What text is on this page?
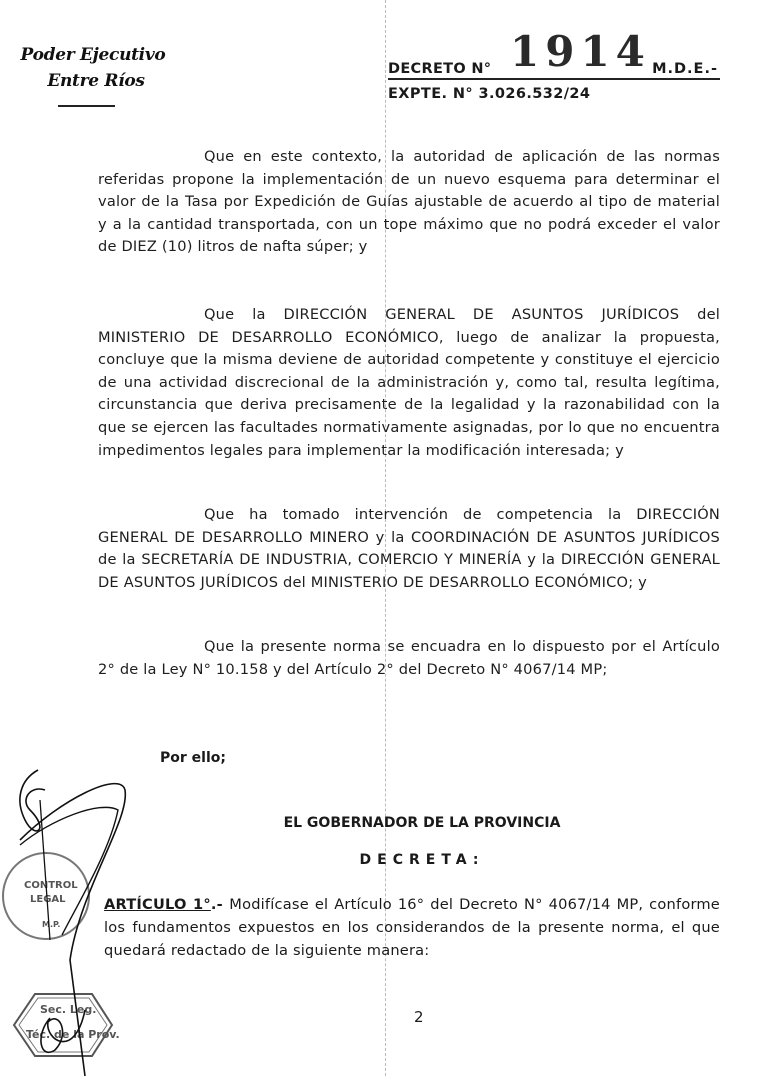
Poder Ejecutivo
Entre Ríos
DECRETO N° 1914 M.D.E.-
EXPTE. N° 3.026.532/24

Que en este contexto, la autoridad de aplicación de las normas referidas propone la implementación de un nuevo esquema para determinar el valor de la Tasa por Expedición de Guías ajustable de acuerdo al tipo de material y a la cantidad transportada, con un tope máximo que no podrá exceder el valor de DIEZ (10) litros de nafta súper; y

Que la DIRECCIÓN GENERAL DE ASUNTOS JURÍDICOS del MINISTERIO DE DESARROLLO ECONÓMICO, luego de analizar la propuesta, concluye que la misma deviene de autoridad competente y constituye el ejercicio de una actividad discrecional de la administración y, como tal, resulta legítima, circunstancia que deriva precisamente de la legalidad y la razonabilidad con la que se ejercen las facultades normativamente asignadas, por lo que no encuentra impedimentos legales para implementar la modificación interesada; y

Que ha tomado intervención de competencia la DIRECCIÓN GENERAL DE DESARROLLO MINERO y la COORDINACIÓN DE ASUNTOS JURÍDICOS de la SECRETARÍA DE INDUSTRIA, COMERCIO Y MINERÍA y la DIRECCIÓN GENERAL DE ASUNTOS JURÍDICOS del MINISTERIO DE DESARROLLO ECONÓMICO; y

Que la presente norma se encuadra en lo dispuesto por el Artículo 2° de la Ley N° 10.158 y del Artículo 2° del Decreto N° 4067/14 MP;

Por ello;
EL GOBERNADOR DE LA PROVINCIA
DECRETA:
ARTÍCULO 1°.- Modifícase el Artículo 16° del Decreto N° 4067/14 MP, conforme los fundamentos expuestos en los considerandos de la presente norma, el que quedará redactado de la siguiente manera:
CONTROL
LEGAL
M.P.
Sec. Leg.
Téc. de la Prov.
2
